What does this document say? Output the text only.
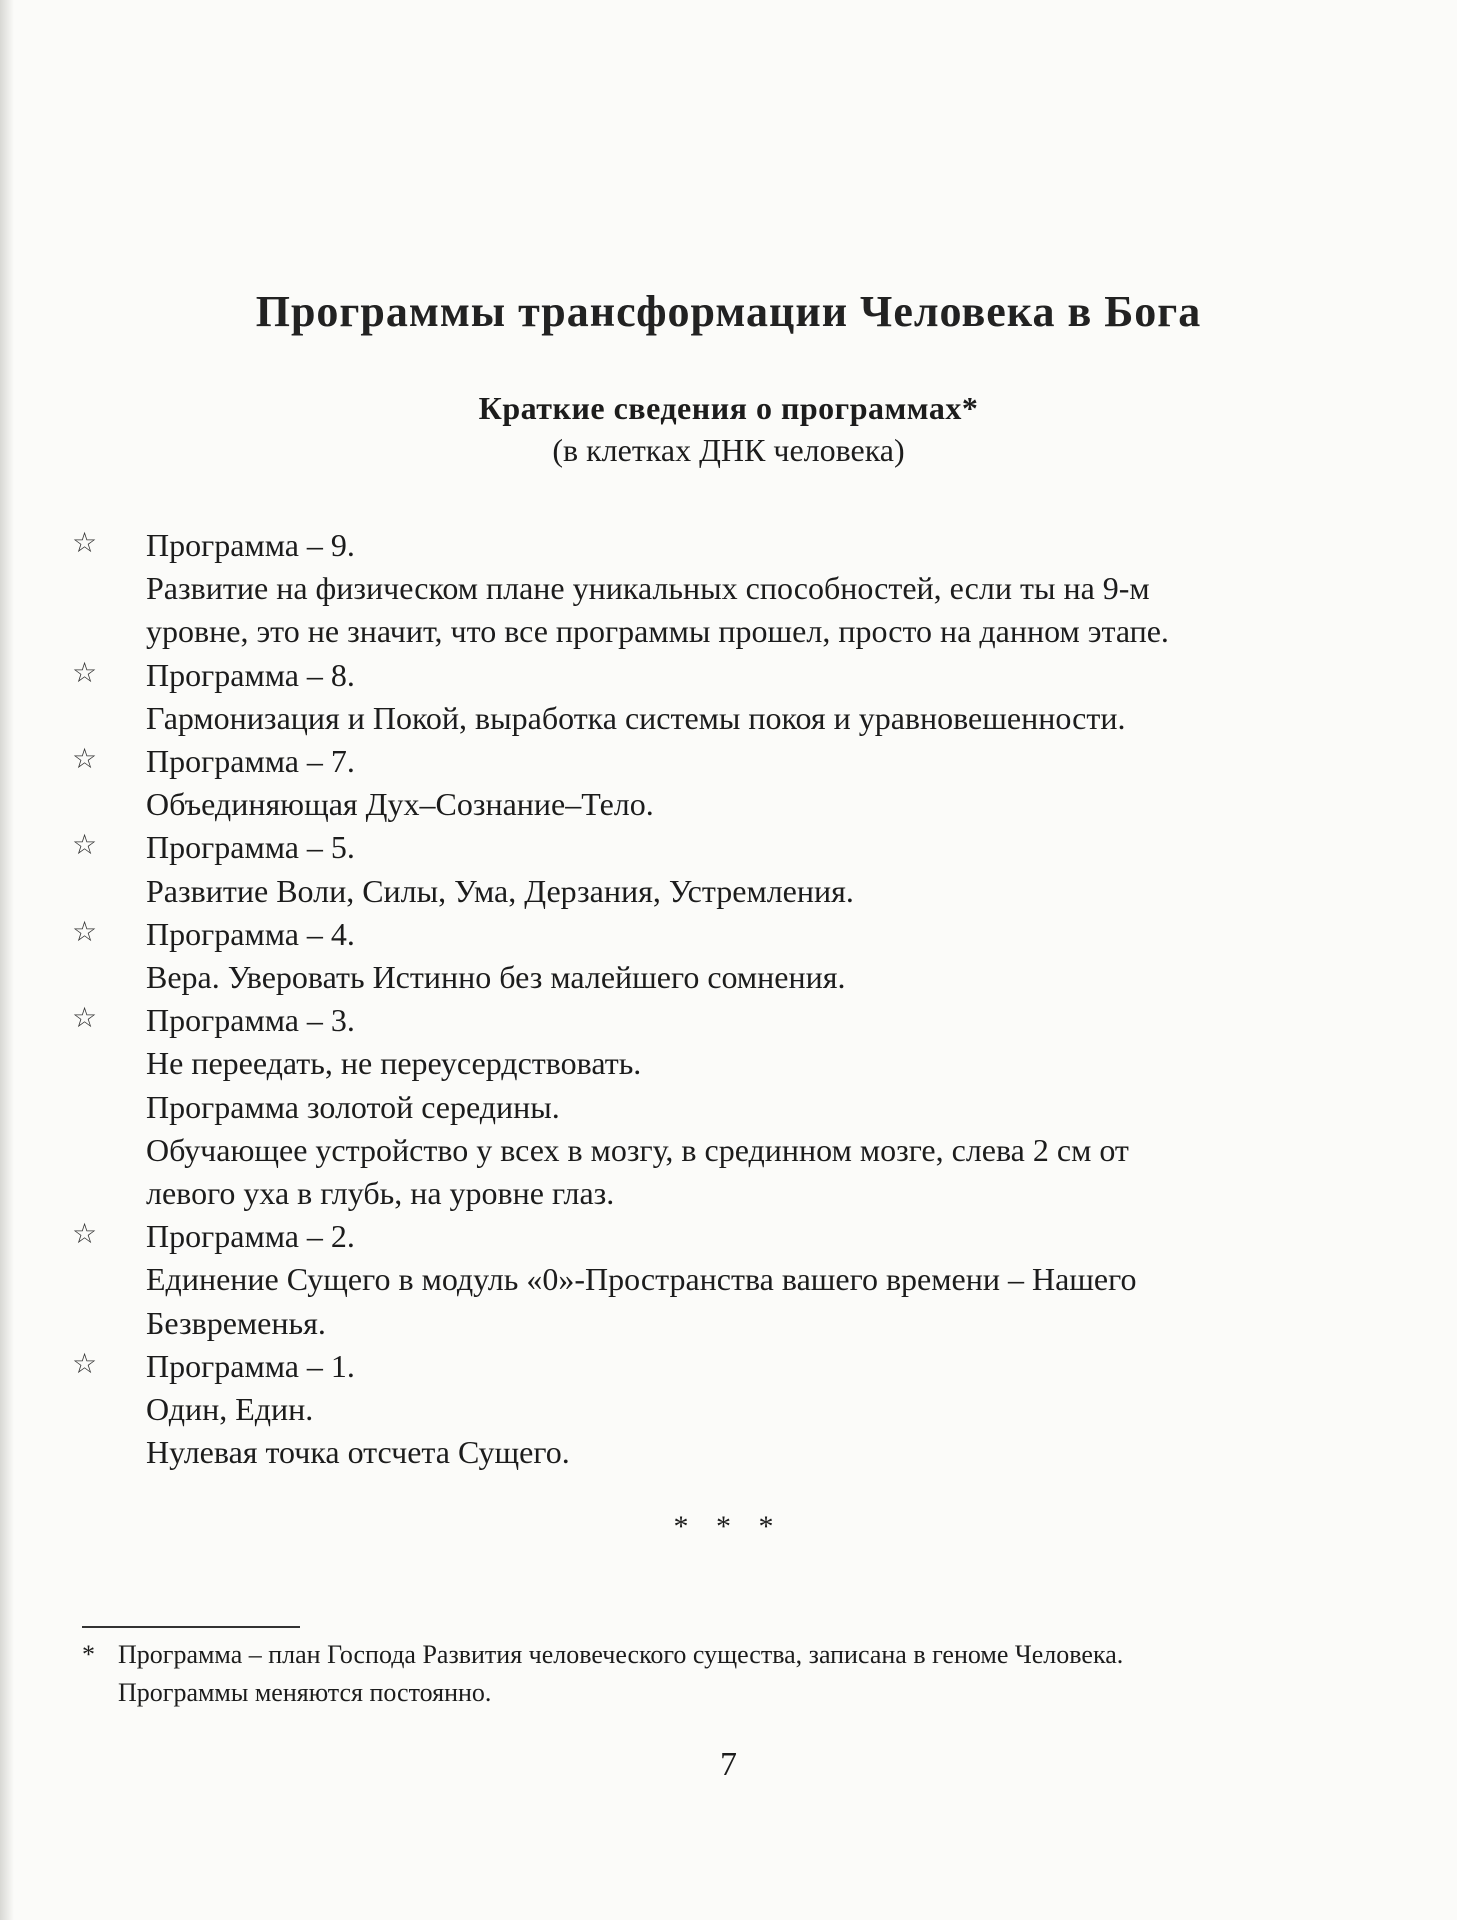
Программы трансформации Человека в Бога
Краткие сведения о программах*
(в клетках ДНК человека)
☆ Программа – 9.
Развитие на физическом плане уникальных способностей, если ты на 9-м
уровне, это не значит, что все программы прошел, просто на данном этапе.
☆ Программа – 8.
Гармонизация и Покой, выработка системы покоя и уравновешенности.
☆ Программа – 7.
Объединяющая Дух–Сознание–Тело.
☆ Программа – 5.
Развитие Воли, Силы, Ума, Дерзания, Устремления.
☆ Программа – 4.
Вера. Уверовать Истинно без малейшего сомнения.
☆ Программа – 3.
Не переедать, не переусердствовать.
Программа золотой середины.
Обучающее устройство у всех в мозгу, в срединном мозге, слева 2 см от
левого уха в глубь, на уровне глаз.
☆ Программа – 2.
Единение Сущего в модуль «0»-Пространства вашего времени – Нашего
Безвременья.
☆ Программа – 1.
Один, Един.
Нулевая точка отсчета Сущего.
* * *
* Программа – план Господа Развития человеческого существа, записана в геноме Человека.
Программы меняются постоянно.
7
